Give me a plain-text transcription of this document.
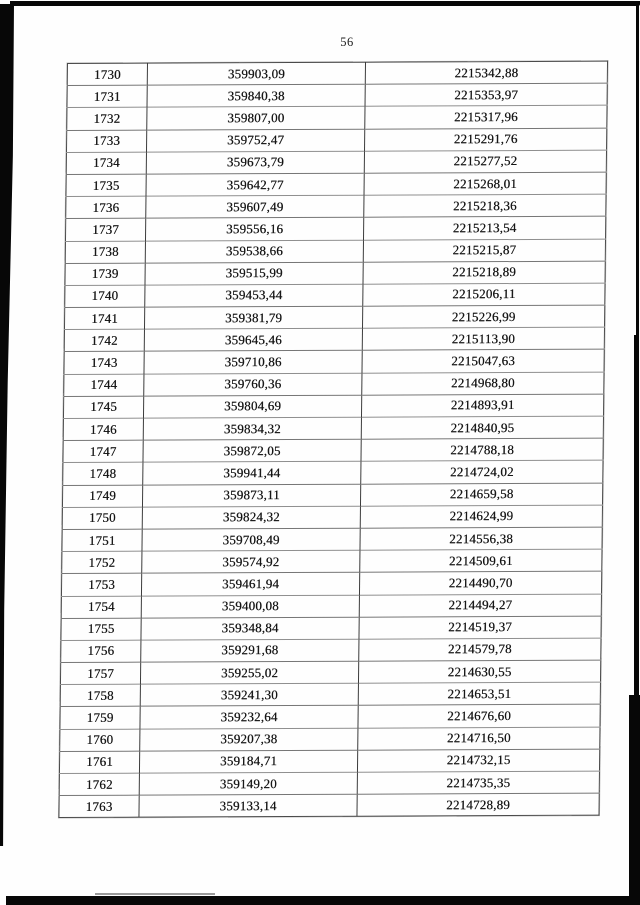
56
1730	359903,09	2215342,88
1731	359840,38	2215353,97
1732	359807,00	2215317,96
1733	359752,47	2215291,76
1734	359673,79	2215277,52
1735	359642,77	2215268,01
1736	359607,49	2215218,36
1737	359556,16	2215213,54
1738	359538,66	2215215,87
1739	359515,99	2215218,89
1740	359453,44	2215206,11
1741	359381,79	2215226,99
1742	359645,46	2215113,90
1743	359710,86	2215047,63
1744	359760,36	2214968,80
1745	359804,69	2214893,91
1746	359834,32	2214840,95
1747	359872,05	2214788,18
1748	359941,44	2214724,02
1749	359873,11	2214659,58
1750	359824,32	2214624,99
1751	359708,49	2214556,38
1752	359574,92	2214509,61
1753	359461,94	2214490,70
1754	359400,08	2214494,27
1755	359348,84	2214519,37
1756	359291,68	2214579,78
1757	359255,02	2214630,55
1758	359241,30	2214653,51
1759	359232,64	2214676,60
1760	359207,38	2214716,50
1761	359184,71	2214732,15
1762	359149,20	2214735,35
1763	359133,14	2214728,89
